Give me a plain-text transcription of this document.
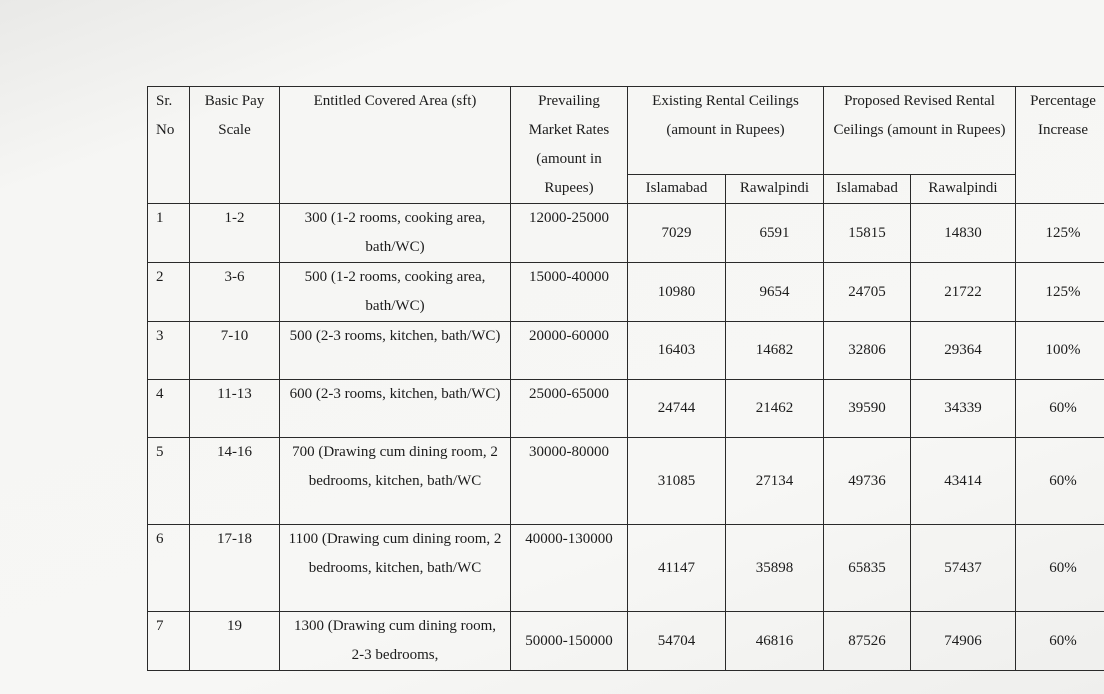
Sr. No	Basic Pay Scale	Entitled Covered Area (sft)	Prevailing Market Rates (amount in Rupees)	Existing Rental Ceilings (amount in Rupees)		Proposed Revised Rental Ceilings (amount in Rupees)		Percentage Increase
				Islamabad	Rawalpindi	Islamabad	Rawalpindi	
1	1-2	300 (1-2 rooms, cooking area, bath/WC)	12000-25000	7029	6591	15815	14830	125%
2	3-6	500 (1-2 rooms, cooking area, bath/WC)	15000-40000	10980	9654	24705	21722	125%
3	7-10	500 (2-3 rooms, kitchen, bath/WC)	20000-60000	16403	14682	32806	29364	100%
4	11-13	600 (2-3 rooms, kitchen, bath/WC)	25000-65000	24744	21462	39590	34339	60%
5	14-16	700 (Drawing cum dining room, 2 bedrooms, kitchen, bath/WC	30000-80000	31085	27134	49736	43414	60%
6	17-18	1100 (Drawing cum dining room, 2 bedrooms, kitchen, bath/WC	40000-130000	41147	35898	65835	57437	60%
7	19	1300 (Drawing cum dining room, 2-3 bedrooms,	50000-150000	54704	46816	87526	74906	60%
